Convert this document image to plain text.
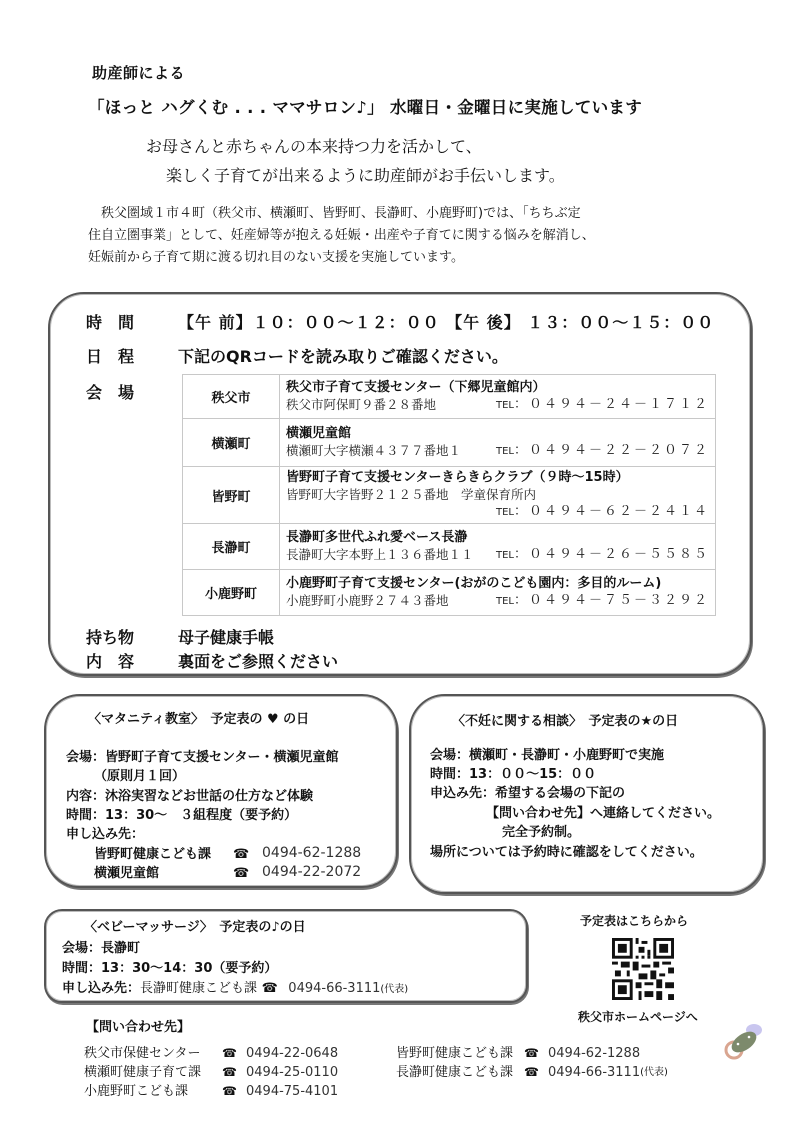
助産師による
「ほっと ハグくむ . . . ママサロン♪」 水曜日・金曜日に実施しています
お母さんと赤ちゃんの本来持つ力を活かして、
楽しく子育てが出来るように助産師がお手伝いします。

　秩父圏域１市４町（秩父市、横瀬町、皆野町、長瀞町、小鹿野町)では、「ちちぶ定

住自立圏事業」として、妊産婦等が抱える妊娠・出産や子育てに関する悩みを解消し、

妊娠前から子育て期に渡る切れ目のない支援を実施しています。

時　間	【午 前】１０：００～１２：００ 【午 後】 １３：００～１５：００
日　程	下記のQRコードを読み取りご確認ください。
会　場	秩父市	秩父市子育て支援センター（下郷児童館内）
秩父市阿保町９番２８番地 TEL：０４９４－２４－１７１２

横瀬町	横瀬児童館
横瀬町大字横瀬４３７７番地１ TEL：０４９４－２２－２０７２

皆野町	皆野町子育て支援センターきらきらクラブ（９時～15時）
皆野町大字皆野２１２５番地　学童保育所内
TEL：０４９４－６２－２４１４

長瀞町	長瀞町多世代ふれ愛ベース長瀞
長瀞町大字本野上１３６番地１１ TEL：０４９４－２６－５５８５

小鹿野町	小鹿野町子育て支援センター(おがのこども園内：多目的ルーム)
小鹿野町小鹿野２７４３番地 TEL：０４９４－７５－３２９２
持ち物	母子健康手帳
内　容	裏面をご参照ください
〈マタニティ教室〉　予定表の ♥ の日
会場：皆野町子育て支援センター・横瀬児童館
（原則月１回）
内容：沐浴実習などお世話の仕方など体験
時間：13：30～　３組程度（要予約）
申し込み先：
皆野町健康こども課 ☎ 0494-62-1288
横瀬児童館	☎ 0494-22-2072
〈不妊に関する相談〉　予定表の★の日
会場：横瀬町・長瀞町・小鹿野町で実施
時間：13：００～15：００
申込み先：希望する会場の下記の
【問い合わせ先】へ連絡してください。
完全予約制。
場所については予約時に確認をしてください。
〈ベビーマッサージ〉　予定表の♪の日
会場：長瀞町
時間：13：30～14：30（要予約）
申し込み先：長瀞町健康こども課 ☎ 0494-66-3111(代表)
予定表はこちらから
秩父市ホームページへ
【問い合わせ先】
秩父市保健センター	☎ 0494-22-0648	皆野町健康こども課 ☎ 0494-62-1288
横瀬町健康子育て課	☎ 0494-25-0110	長瀞町健康こども課 ☎ 0494-66-3111 (代表)
小鹿野町こども課	☎ 0494-75-4101
